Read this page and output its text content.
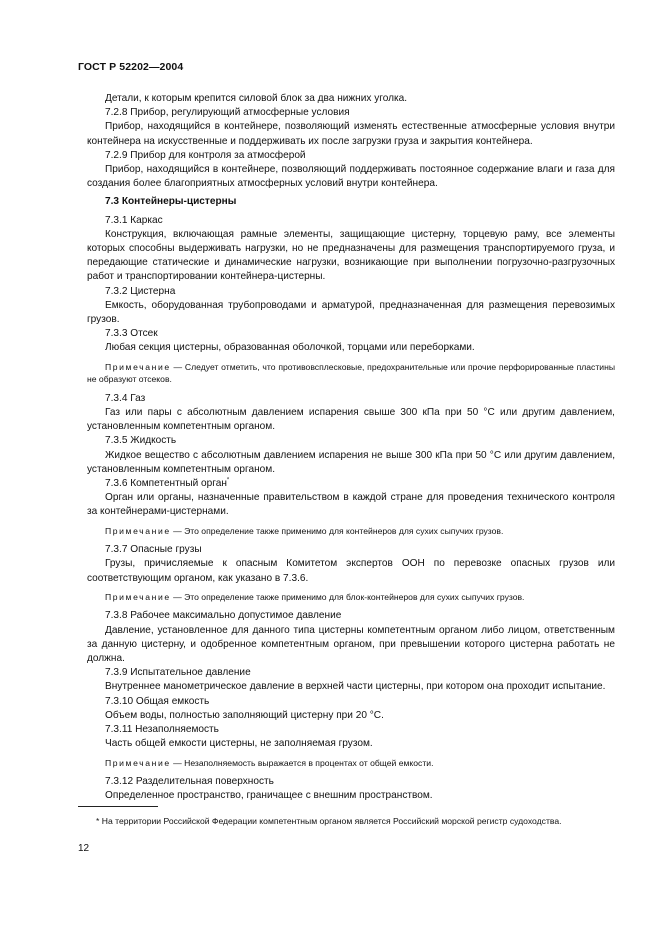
ГОСТ Р 52202—2004
Детали, к которым крепится силовой блок за два нижних уголка.
7.2.8 Прибор, регулирующий атмосферные условия
Прибор, находящийся в контейнере, позволяющий изменять естественные атмосферные условия внутри контейнера на искусственные и поддерживать их после загрузки груза и закрытия контейнера.
7.2.9 Прибор для контроля за атмосферой
Прибор, находящийся в контейнере, позволяющий поддерживать постоянное содержание влаги и газа для создания более благоприятных атмосферных условий внутри контейнера.
7.3 Контейнеры-цистерны
7.3.1 Каркас
Конструкция, включающая рамные элементы, защищающие цистерну, торцевую раму, все элементы которых способны выдерживать нагрузки, но не предназначены для размещения транспортируемого груза, и передающие статические и динамические нагрузки, возникающие при выполнении погрузочно-разгрузочных работ и транспортировании контейнера-цистерны.
7.3.2 Цистерна
Емкость, оборудованная трубопроводами и арматурой, предназначенная для размещения перевозимых грузов.
7.3.3 Отсек
Любая секция цистерны, образованная оболочкой, торцами или переборками.
Примечание — Следует отметить, что противовсплесковые, предохранительные или прочие перфорированные пластины не образуют отсеков.
7.3.4 Газ
Газ или пары с абсолютным давлением испарения свыше 300 кПа при 50 °С или другим давлением, установленным компетентным органом.
7.3.5 Жидкость
Жидкое вещество с абсолютным давлением испарения не выше 300 кПа при 50 °С или другим давлением, установленным компетентным органом.
7.3.6 Компетентный орган*
Орган или органы, назначенные правительством в каждой стране для проведения технического контроля за контейнерами-цистернами.
Примечание — Это определение также применимо для контейнеров для сухих сыпучих грузов.
7.3.7 Опасные грузы
Грузы, причисляемые к опасным Комитетом экспертов ООН по перевозке опасных грузов или соответствующим органом, как указано в 7.3.6.
Примечание — Это определение также применимо для блок-контейнеров для сухих сыпучих грузов.
7.3.8 Рабочее максимально допустимое давление
Давление, установленное для данного типа цистерны компетентным органом либо лицом, ответственным за данную цистерну, и одобренное компетентным органом, при превышении которого цистерна работать не должна.
7.3.9 Испытательное давление
Внутреннее манометрическое давление в верхней части цистерны, при котором она проходит испытание.
7.3.10 Общая емкость
Объем воды, полностью заполняющий цистерну при 20 °С.
7.3.11 Незаполняемость
Часть общей емкости цистерны, не заполняемая грузом.
Примечание — Незаполняемость выражается в процентах от общей емкости.
7.3.12 Разделительная поверхность
Определенное пространство, граничащее с внешним пространством.
* На территории Российской Федерации компетентным органом является Российский морской регистр судоходства.
12
